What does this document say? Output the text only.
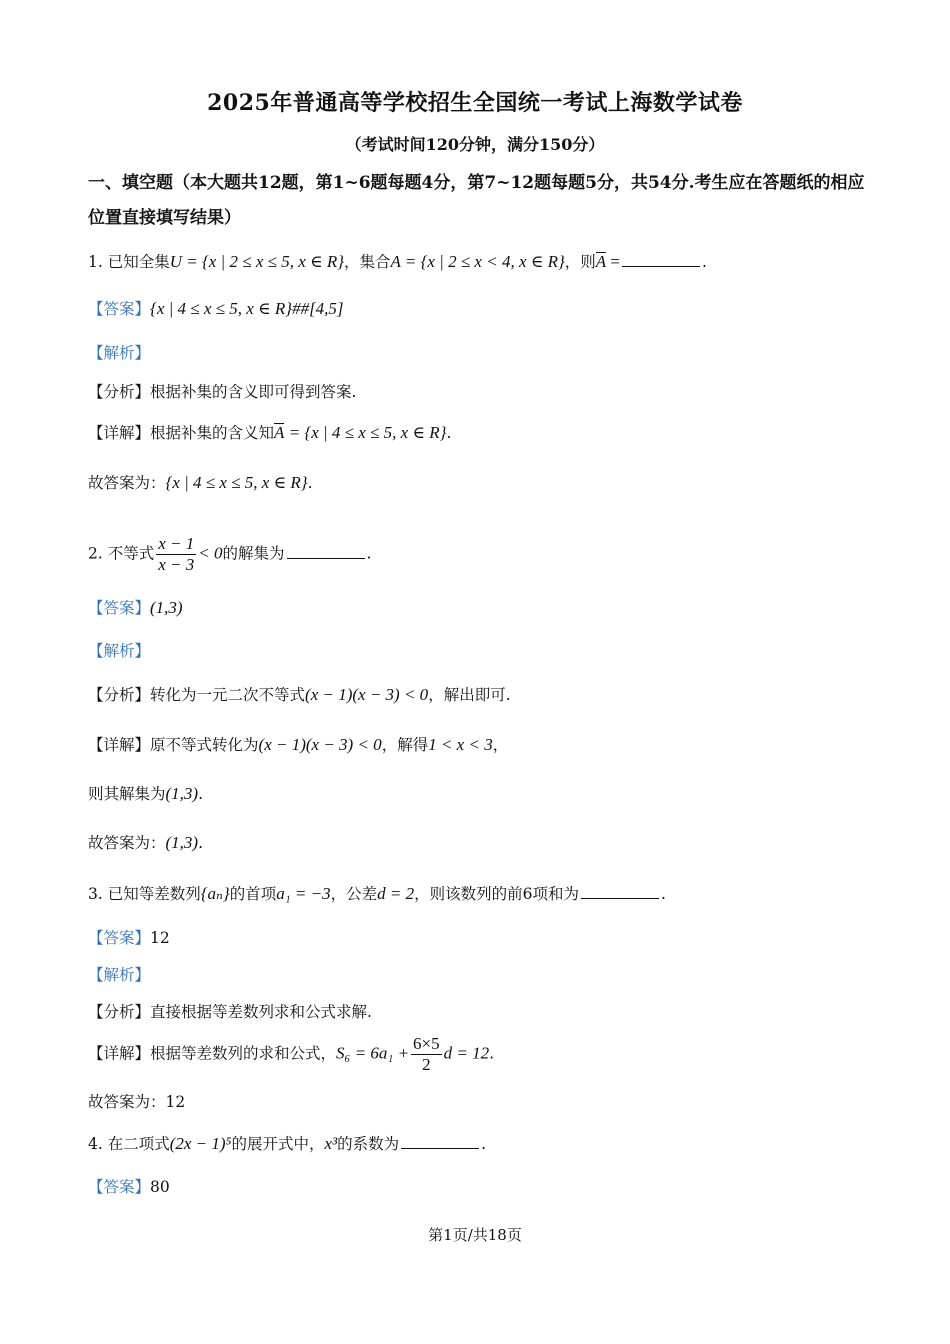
2025年普通高等学校招生全国统一考试上海数学试卷
（考试时间120分钟，满分150分）
一、填空题（本大题共12题，第1~6题每题4分，第7~12题每题5分，共54分.考生应在答题纸的相应位置直接填写结果）
1. 已知全集U = {x | 2 ≤ x ≤ 5, x ∈ R}，集合A = {x | 2 ≤ x < 4, x ∈ R}，则A =	.
【答案】{x | 4 ≤ x ≤ 5, x ∈ R}##[4,5]
【解析】
【分析】根据补集的含义即可得到答案.
【详解】根据补集的含义知A = {x | 4 ≤ x ≤ 5, x ∈ R}.
故答案为：{x | 4 ≤ x ≤ 5, x ∈ R}.
2. 不等式 $\frac{x - 1}{x - 3} < 0$的解集为	.
【答案】(1,3)
【解析】
【分析】转化为一元二次不等式(x − 1)(x − 3) < 0，解出即可.
【详解】原不等式转化为(x − 1)(x − 3) < 0，解得1 < x < 3，
则其解集为(1,3).
故答案为：(1,3).
3. 已知等差数列{aₙ}的首项a₁ = −3，公差d = 2，则该数列的前6项和为	.
【答案】12
【解析】
【分析】直接根据等差数列求和公式求解.
【详解】根据等差数列的求和公式，$S_6 = 6a_1 + \frac{6\times 5}{2}$ d = 12.
故答案为：12
4. 在二项式(2x − 1)⁵的展开式中，x³的系数为	.
【答案】80
第1页/共18页
